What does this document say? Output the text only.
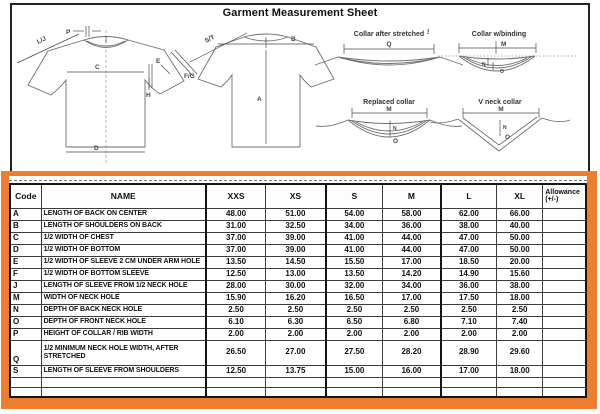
Garment Measurement Sheet
P
L/J
C
E
F/G
H
D
B
A
S/T	Collar after stretched
Q
Collar w/binding
M
N
O
Replaced collar
M
N
O
V neck collar
M
N
O
!
Code	NAME	XXS	XS	S	M	L	XL	Allowance
(+/-)

A	LENGTH OF BACK ON CENTER	48.00	51.00	54.00	58.00	62.00	66.00	
B	LENGTH OF SHOULDERS ON BACK	31.00	32.50	34.00	36.00	38.00	40.00	
C	1/2 WIDTH OF CHEST	37.00	39.00	41.00	44.00	47.00	50.00	
D	1/2 WIDTH OF BOTTOM	37.00	39.00	41.00	44.00	47.00	50.00	
E	1/2 WIDTH OF SLEEVE 2 CM UNDER ARM HOLE	13.50	14.50	15.50	17.00	18.50	20.00	
F	1/2 WIDTH OF BOTTOM SLEEVE	12.50	13.00	13.50	14.20	14.90	15.60	
J	LENGTH OF SLEEVE FROM 1/2 NECK HOLE	28.00	30.00	32.00	34.00	36.00	38.00	
M	WIDTH OF NECK HOLE	15.90	16.20	16.50	17.00	17.50	18.00	
N	DEPTH OF BACK NECK HOLE	2.50	2.50	2.50	2.50	2.50	2.50	
O	DEPTH OF FRONT NECK HOLE	6.10	6.30	6.50	6.80	7.10	7.40	
P	HEIGHT OF COLLAR / RIB WIDTH	2.00	2.00	2.00	2.00	2.00	2.00	
Q	1/2 MINIMUM NECK HOLE WIDTH, AFTER STRETCHED	26.50	27.00	27.50	28.20	28.90	29.60	
S	LENGTH OF SLEEVE FROM SHOULDERS	12.50	13.75	15.00	16.00	17.00	18.00	
